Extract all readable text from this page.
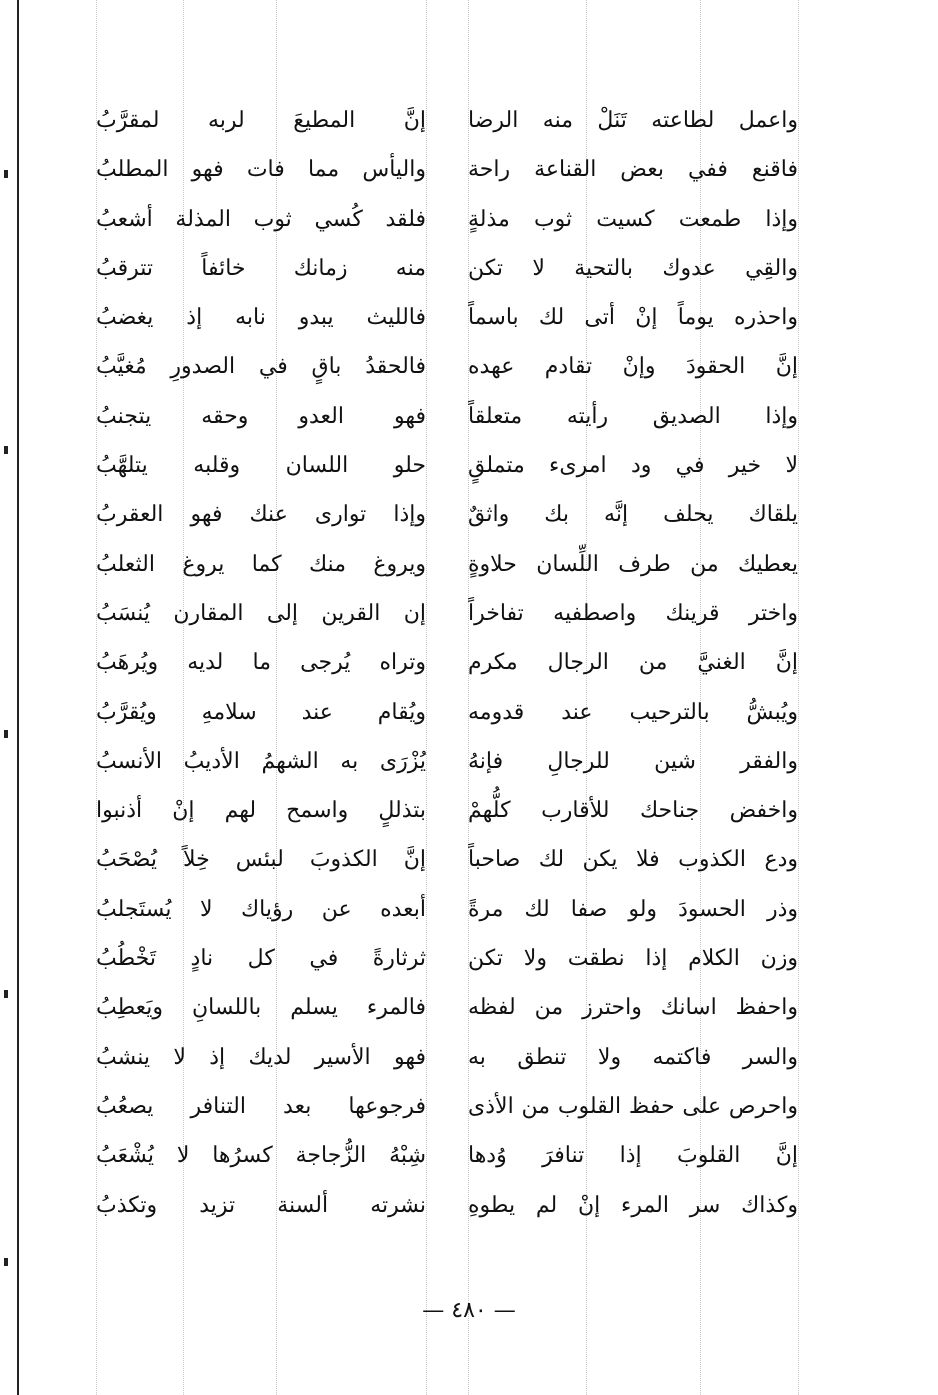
واعمل لطاعته تَنَلْ منه الرضا
فاقنع ففي بعض القناعة راحة
وإذا طمعت كسيت ثوب مذلةٍ
والقِي عدوك بالتحية لا تكن
واحذره يوماً إنْ أتى لك باسماً
إنَّ الحقودَ وإنْ تقادم عهده
وإذا الصديق رأيته متعلقاً
لا خير في ود امرىء متملقٍ
يلقاك يحلف إنَّه بك واثقٌ
يعطيك من طرف اللِّسان حلاوةٍ
واختر قرينك واصطفيه تفاخراً
إنَّ الغنيَّ من الرجال مكرم
ويُبشُّ بالترحيب عند قدومه
والفقر شين للرجالِ فإنهُ
واخفض جناحك للأقارب كلُّهمْ
ودع الكذوب فلا يكن لك صاحباً
وذر الحسودَ ولو صفا لك مرةً
وزن الكلام إذا نطقت ولا تكن
واحفظ اسانك واحترز من لفظه
والسر فاكتمه ولا تنطق به
واحرص على حفظ القلوب من الأذى
إنَّ القلوبَ إذا تنافرَ وُدها
وكذاك سر المرء إنْ لم يطوهِ
إنَّ المطيعَ لربه لمقرَّبُ
واليأس مما فات فهو المطلبُ
فلقد كُسي ثوب المذلة أشعبُ
منه زمانك خائفاً تترقبُ
فالليث يبدو نابه إذ يغضبُ
فالحقدُ باقٍ في الصدورِ مُغيَّبُ
فهو العدو وحقه يتجنبُ
حلو اللسان وقلبه يتلهَّبُ
وإذا توارى عنك فهو العقربُ
ويروغ منك كما يروغ الثعلبُ
إن القرين إلى المقارن يُنسَبُ
وتراه يُرجى ما لديه ويُرهَبُ
ويُقام عند سلامهِ ويُقرَّبُ
يُزْرَى به الشهمُ الأديبُ الأنسبُ
بتذللٍ واسمح لهم إنْ أذنبوا
إنَّ الكذوبَ لبئس خِلاً يُصْحَبُ
أبعده عن رؤياك لا يُستَجلبُ
ثرثارةً في كل نادٍ تَخْطُبُ
فالمرء يسلم باللسانِ ويَعطِبُ
فهو الأسير لديك إذ لا ينشبُ
فرجوعها بعد التنافر يصعُبُ
شِبْهُ الزُّجاجة كسرُها لا يُشْعَبُ
نشرته ألسنة تزيد وتكذبُ
— ٤٨٠ —
